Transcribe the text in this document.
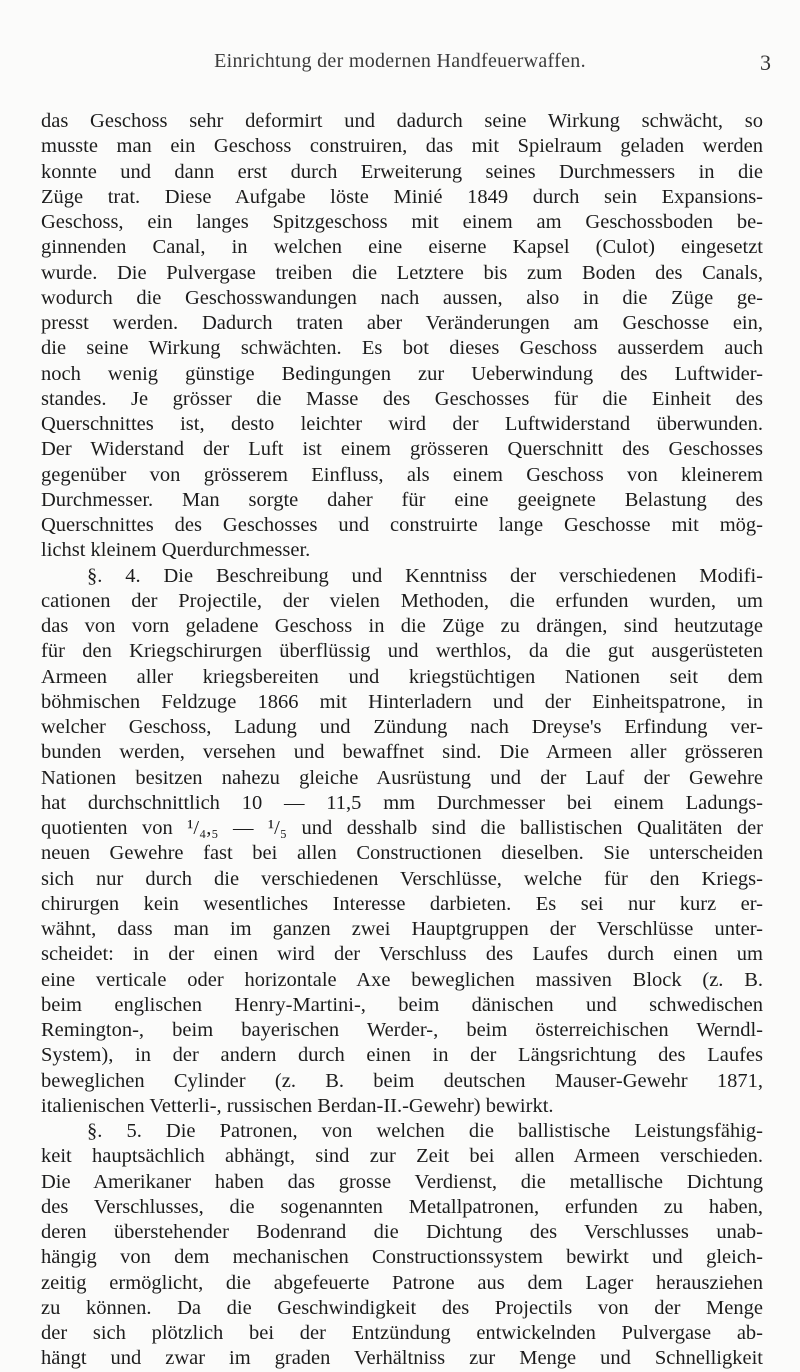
Einrichtung der modernen Handfeuerwaffen.	3
das Geschoss sehr deformirt und dadurch seine Wirkung schwächt, so
musste man ein Geschoss construiren, das mit Spielraum geladen werden
konnte und dann erst durch Erweiterung seines Durchmessers in die
Züge trat. Diese Aufgabe löste Minié 1849 durch sein Expansions-
Geschoss, ein langes Spitzgeschoss mit einem am Geschossboden be-
ginnenden Canal, in welchen eine eiserne Kapsel (Culot) eingesetzt
wurde. Die Pulvergase treiben die Letztere bis zum Boden des Canals,
wodurch die Geschosswandungen nach aussen, also in die Züge ge-
presst werden. Dadurch traten aber Veränderungen am Geschosse ein,
die seine Wirkung schwächten. Es bot dieses Geschoss ausserdem auch
noch wenig günstige Bedingungen zur Ueberwindung des Luftwider-
standes. Je grösser die Masse des Geschosses für die Einheit des
Querschnittes ist, desto leichter wird der Luftwiderstand überwunden.
Der Widerstand der Luft ist einem grösseren Querschnitt des Geschosses
gegenüber von grösserem Einfluss, als einem Geschoss von kleinerem
Durchmesser. Man sorgte daher für eine geeignete Belastung des
Querschnittes des Geschosses und construirte lange Geschosse mit mög-
lichst kleinem Querdurchmesser.
§. 4. Die Beschreibung und Kenntniss der verschiedenen Modifi-
cationen der Projectile, der vielen Methoden, die erfunden wurden, um
das von vorn geladene Geschoss in die Züge zu drängen, sind heutzutage
für den Kriegschirurgen überflüssig und werthlos, da die gut ausgerüsteten
Armeen aller kriegsbereiten und kriegstüchtigen Nationen seit dem
böhmischen Feldzuge 1866 mit Hinterladern und der Einheitspatrone, in
welcher Geschoss, Ladung und Zündung nach Dreyse's Erfindung ver-
bunden werden, versehen und bewaffnet sind. Die Armeen aller grösseren
Nationen besitzen nahezu gleiche Ausrüstung und der Lauf der Gewehre
hat durchschnittlich 10 — 11,5 mm Durchmesser bei einem Ladungs-
quotienten von ¹/₄,₅ — ¹/₅ und desshalb sind die ballistischen Qualitäten der
neuen Gewehre fast bei allen Constructionen dieselben. Sie unterscheiden
sich nur durch die verschiedenen Verschlüsse, welche für den Kriegs-
chirurgen kein wesentliches Interesse darbieten. Es sei nur kurz er-
wähnt, dass man im ganzen zwei Hauptgruppen der Verschlüsse unter-
scheidet: in der einen wird der Verschluss des Laufes durch einen um
eine verticale oder horizontale Axe beweglichen massiven Block (z. B.
beim englischen Henry-Martini-, beim dänischen und schwedischen
Remington-, beim bayerischen Werder-, beim österreichischen Werndl-
System), in der andern durch einen in der Längsrichtung des Laufes
beweglichen Cylinder (z. B. beim deutschen Mauser-Gewehr 1871,
italienischen Vetterli-, russischen Berdan-II.-Gewehr) bewirkt.
§. 5. Die Patronen, von welchen die ballistische Leistungsfähig-
keit hauptsächlich abhängt, sind zur Zeit bei allen Armeen verschieden.
Die Amerikaner haben das grosse Verdienst, die metallische Dichtung
des Verschlusses, die sogenannten Metallpatronen, erfunden zu haben,
deren überstehender Bodenrand die Dichtung des Verschlusses unab-
hängig von dem mechanischen Constructionssystem bewirkt und gleich-
zeitig ermöglicht, die abgefeuerte Patrone aus dem Lager herausziehen
zu können. Da die Geschwindigkeit des Projectils von der Menge
der sich plötzlich bei der Entzündung entwickelnden Pulvergase ab-
hängt und zwar im graden Verhältniss zur Menge und Schnelligkeit
